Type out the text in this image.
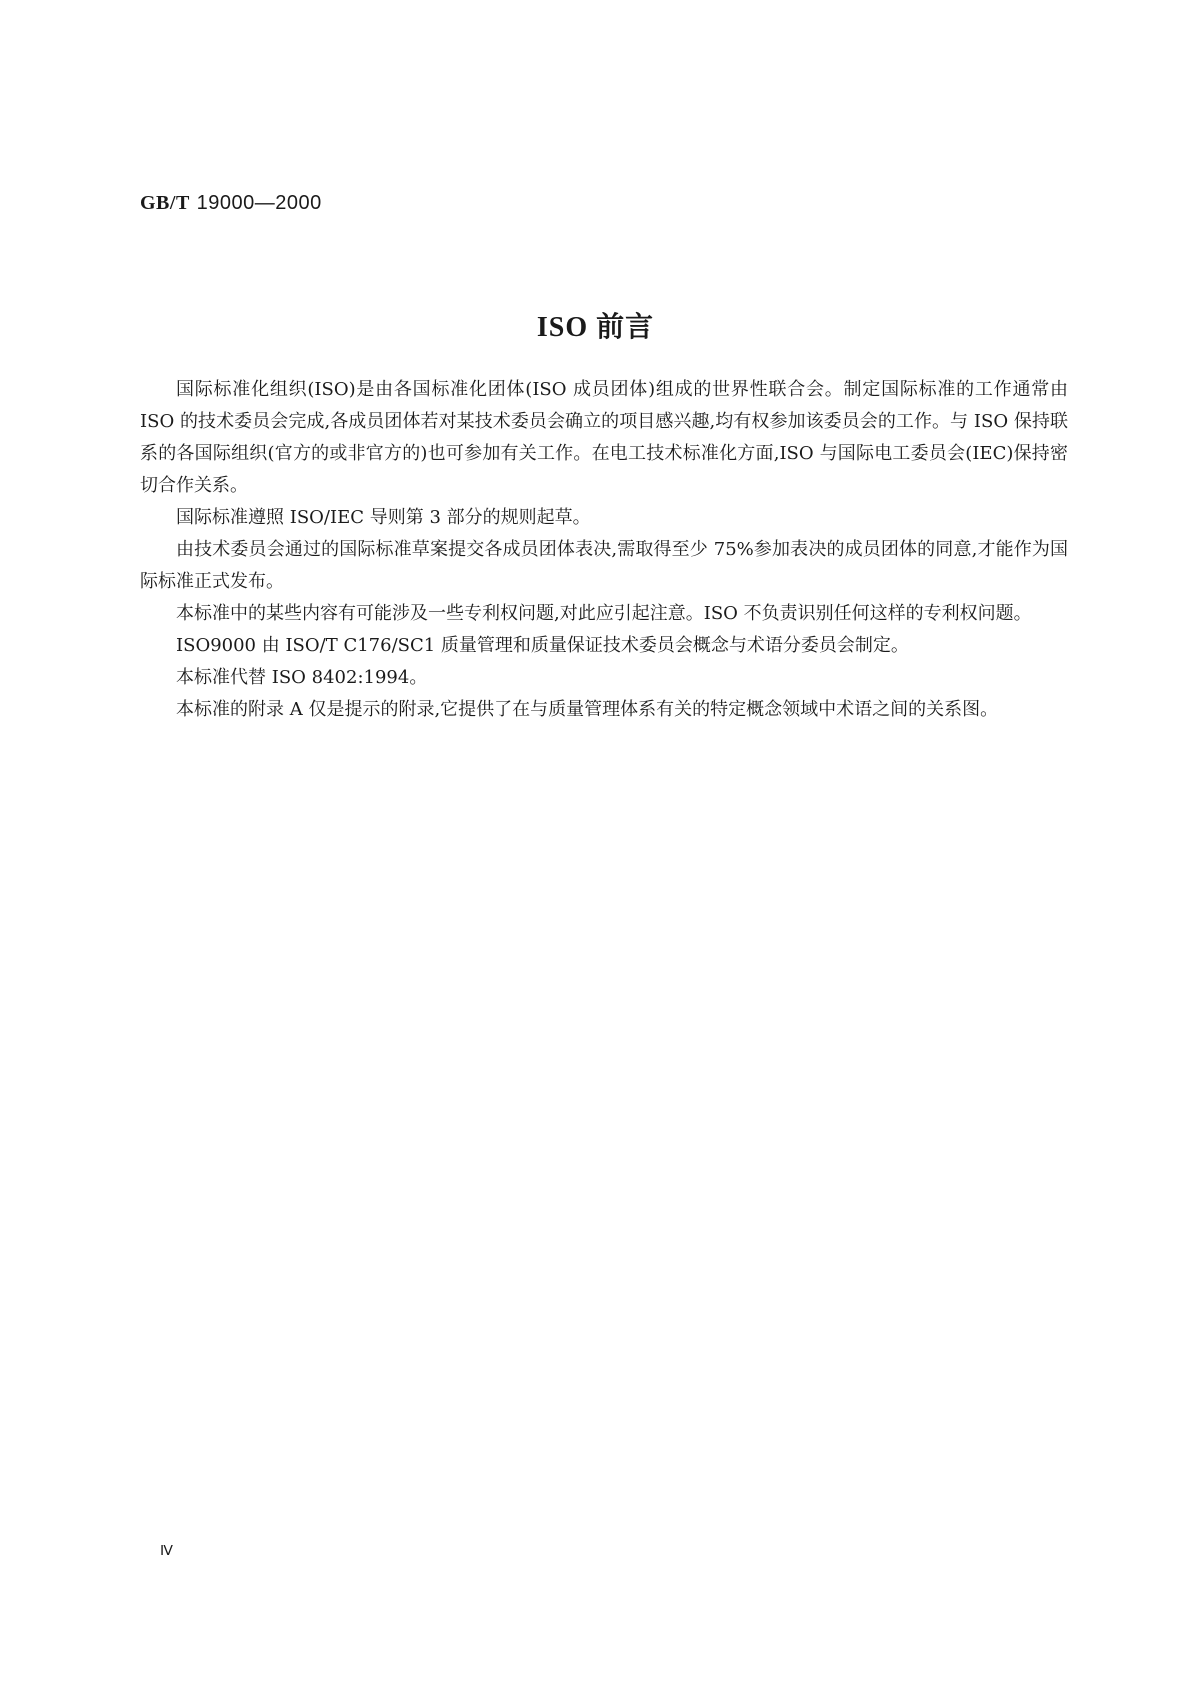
GB/T 19000—2000
ISO 前言

国际标准化组织(ISO)是由各国标准化团体(ISO 成员团体)组成的世界性联合会。制定国际标准的工作通常由 ISO 的技术委员会完成,各成员团体若对某技术委员会确立的项目感兴趣,均有权参加该委员会的工作。与 ISO 保持联系的各国际组织(官方的或非官方的)也可参加有关工作。在电工技术标准化方面,ISO 与国际电工委员会(IEC)保持密切合作关系。

国际标准遵照 ISO/IEC 导则第 3 部分的规则起草。

由技术委员会通过的国际标准草案提交各成员团体表决,需取得至少 75%参加表决的成员团体的同意,才能作为国际标准正式发布。

本标准中的某些内容有可能涉及一些专利权问题,对此应引起注意。ISO 不负责识别任何这样的专利权问题。

ISO9000 由 ISO/T C176/SC1 质量管理和质量保证技术委员会概念与术语分委员会制定。

本标准代替 ISO 8402:1994。

本标准的附录 A 仅是提示的附录,它提供了在与质量管理体系有关的特定概念领域中术语之间的关系图。

Ⅳ
